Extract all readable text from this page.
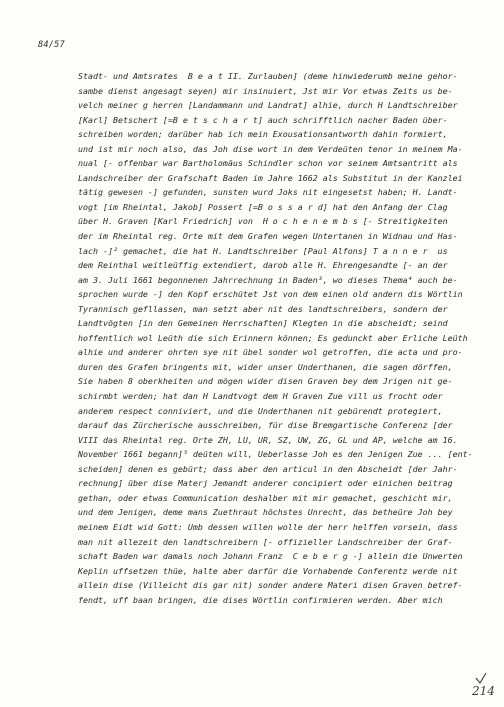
84/57
Stadt- und Amtsrates  B e a t II. Zurlauben] (deme hinwiederumb meine gehor-
sambe dienst angesagt seyen) mir insinuiert, Jst mir Vor etwas Zeits us be-
velch meiner g herren [Landammann und Landrat] alhie, durch H Landtschreiber
[Karl] Betschert [=B e t s c h a r t] auch schrifftlich nacher Baden über-
schreiben worden; darüber hab ich mein Exousationsantworth dahin formiert,
und ist mir noch also, das Joh dise wort in dem Verdeüten tenor in meinem Ma-
nual [- offenbar war Bartholomäus Schindler schon vor seinem Amtsantritt als
Landschreiber der Grafschaft Baden im Jahre 1662 als Substitut in der Kanzlei
tätig gewesen -] gefunden, sunsten wurd Joks nit eingesetst haben; H. Landt-
vogt [im Rheintal, Jakob] Possert [=B o s s a r d] hat den Anfang der Clag
über H. Graven [Karl Friedrich] von  H o c h e n e m b s [- Streitigkeiten
der im Rheintal reg. Orte mit dem Grafen wegen Untertanen in Widnau und Has-
lach -]² gemachet, die hat H. Landtschreiber [Paul Alfons] T a n n e r  us
dem Reinthal weitleüffig extendiert, darob alle H. Ehrengesandte [- an der
am 3. Juli 1661 begonnenen Jahrrechnung in Baden³, wo dieses Thema⁴ auch be-
sprochen wurde -] den Kopf erschütet Jst von dem einen old andern dis Wörtlin
Tyrannisch gefllassen, man setzt aber nit des landtschreibers, sondern der
Landtvögten [in den Gemeinen Herrschaften] Klegten in die abscheidt; seind
hoffentlich wol Leüth die sich Erinnern können; Es gedunckt aber Erliche Leüth
alhie und anderer ohrten sye nit übel sonder wol getroffen, die acta und pro-
duren des Grafen bringents mit, wider unser Underthanen, die sagen dörffen,
Sie haben 8 oberkheiten und mögen wider disen Graven bey dem Jrigen nit ge-
schirmbt werden; hat dan H Landtvogt dem H Graven Zue vill us frocht oder
anderem respect conniviert, und die Underthanen nit gebürendt protegiert,
darauf das Zürcherische ausschreiben, für dise Bremgartische Conferenz [der
VIII das Rheintal reg. Orte ZH, LU, UR, SZ, UW, ZG, GL und AP, welche am 16.
November 1661 begann]⁵ deüten will, Ueberlasse Joh es den Jenigen Zue ... [ent-
scheiden] denen es gebürt; dass aber den articul in den Abscheidt [der Jahr-
rechnung] über dise Materj Jemandt anderer concipiert oder einichen beitrag
gethan, oder etwas Communication deshalber mit mir gemachet, geschicht mir,
und dem Jenigen, deme mans Zuethraut höchstes Unrecht, das betheüre Joh bey
meinem Eidt wid Gott: Umb dessen willen wolle der herr helffen vorsein, dass
man nit allezeit den landtschreibern [- offizieller Landschreiber der Graf-
schaft Baden war damals noch Johann Franz  C e b e r g -] allein die Unwerten
Keplin uffsetzen thüe, halte aber darfür die Vorhabende Conferentz werde nit
allein dise (Villeicht dis gar nit) sonder andere Materi disen Graven betref-
fendt, uff baan bringen, die dises Wörtlin confirmieren werden. Aber mich
214
